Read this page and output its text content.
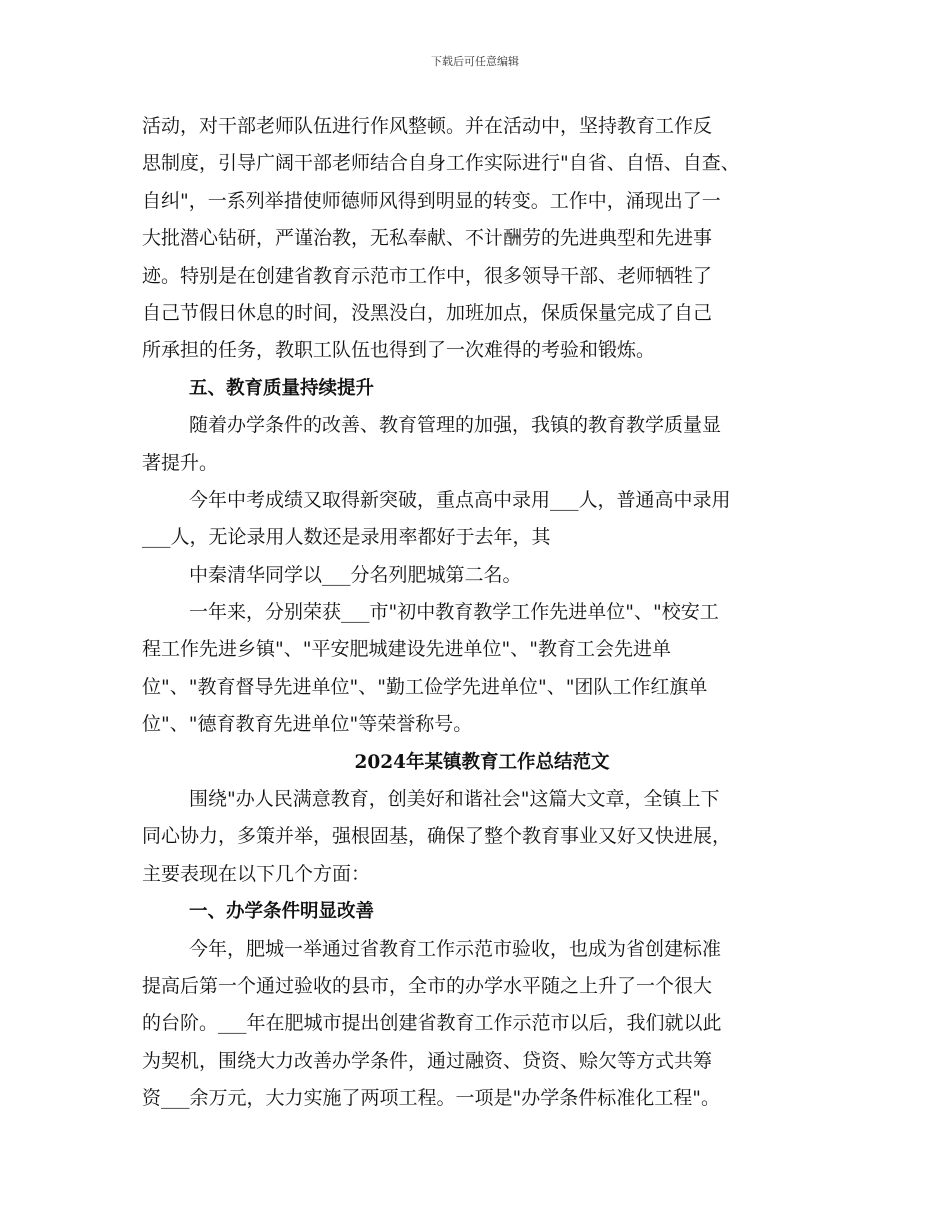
下载后可任意编辑
活动，对干部老师队伍进行作风整顿。并在活动中，坚持教育工作反
思制度，引导广阔干部老师结合自身工作实际进行"自省、自悟、自查、
自纠"，一系列举措使师德师风得到明显的转变。工作中，涌现出了一
大批潜心钻研，严谨治教，无私奉献、不计酬劳的先进典型和先进事
迹。特别是在创建省教育示范市工作中，很多领导干部、老师牺牲了
自己节假日休息的时间，没黑没白，加班加点，保质保量完成了自己
所承担的任务，教职工队伍也得到了一次难得的考验和锻炼。
五、教育质量持续提升
随着办学条件的改善、教育管理的加强，我镇的教育教学质量显
著提升。
今年中考成绩又取得新突破，重点高中录用___人，普通高中录用
___人，无论录用人数还是录用率都好于去年，其
中秦清华同学以___分名列肥城第二名。
一年来，分别荣获___市"初中教育教学工作先进单位"、"校安工
程工作先进乡镇"、"平安肥城建设先进单位"、"教育工会先进单
位"、"教育督导先进单位"、"勤工俭学先进单位"、"团队工作红旗单
位"、"德育教育先进单位"等荣誉称号。
2024年某镇教育工作总结范文
围绕"办人民满意教育，创美好和谐社会"这篇大文章，全镇上下
同心协力，多策并举，强根固基，确保了整个教育事业又好又快进展，
主要表现在以下几个方面：
一、办学条件明显改善
今年，肥城一举通过省教育工作示范市验收，也成为省创建标准
提高后第一个通过验收的县市，全市的办学水平随之上升了一个很大
的台阶。___年在肥城市提出创建省教育工作示范市以后，我们就以此
为契机，围绕大力改善办学条件，通过融资、贷资、赊欠等方式共筹
资___余万元，大力实施了两项工程。一项是"办学条件标准化工程"。
